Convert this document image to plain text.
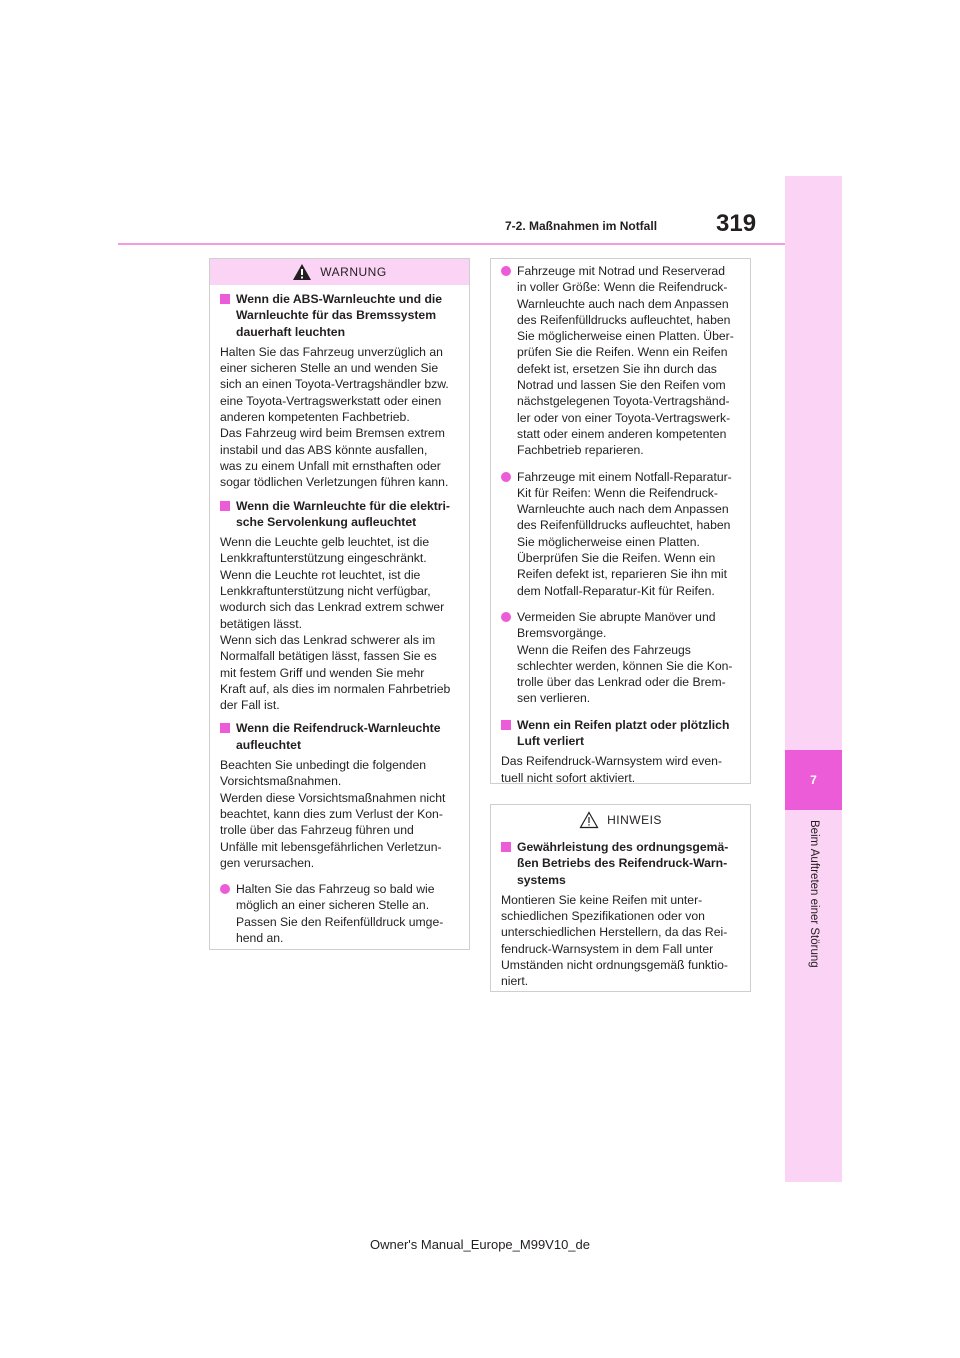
7
Beim Auftreten einer Störung
7-2. Maßnahmen im Notfall 319
WARNUNG
Wenn die ABS-Warnleuchte und die
Warnleuchte für das Bremssystem
dauerhaft leuchten
Halten Sie das Fahrzeug unverzüglich an
einer sicheren Stelle an und wenden Sie
sich an einen Toyota-Vertragshändler bzw.
eine Toyota-Vertragswerkstatt oder einen
anderen kompetenten Fachbetrieb.
Das Fahrzeug wird beim Bremsen extrem
instabil und das ABS könnte ausfallen,
was zu einem Unfall mit ernsthaften oder
sogar tödlichen Verletzungen führen kann.
Wenn die Warnleuchte für die elektri-
sche Servolenkung aufleuchtet
Wenn die Leuchte gelb leuchtet, ist die
Lenkkraftunterstützung eingeschränkt.
Wenn die Leuchte rot leuchtet, ist die
Lenkkraftunterstützung nicht verfügbar,
wodurch sich das Lenkrad extrem schwer
betätigen lässt.
Wenn sich das Lenkrad schwerer als im
Normalfall betätigen lässt, fassen Sie es
mit festem Griff und wenden Sie mehr
Kraft auf, als dies im normalen Fahrbetrieb
der Fall ist.
Wenn die Reifendruck-Warnleuchte
aufleuchtet
Beachten Sie unbedingt die folgenden
Vorsichtsmaßnahmen.
Werden diese Vorsichtsmaßnahmen nicht
beachtet, kann dies zum Verlust der Kon-
trolle über das Fahrzeug führen und
Unfälle mit lebensgefährlichen Verletzun-
gen verursachen.
Halten Sie das Fahrzeug so bald wie
möglich an einer sicheren Stelle an.
Passen Sie den Reifenfülldruck umge-
hend an.
Fahrzeuge mit Notrad und Reserverad
in voller Größe: Wenn die Reifendruck-
Warnleuchte auch nach dem Anpassen
des Reifenfülldrucks aufleuchtet, haben
Sie möglicherweise einen Platten. Über-
prüfen Sie die Reifen. Wenn ein Reifen
defekt ist, ersetzen Sie ihn durch das
Notrad und lassen Sie den Reifen vom
nächstgelegenen Toyota-Vertragshänd-
ler oder von einer Toyota-Vertragswerk-
statt oder einem anderen kompetenten
Fachbetrieb reparieren.
Fahrzeuge mit einem Notfall-Reparatur-
Kit für Reifen: Wenn die Reifendruck-
Warnleuchte auch nach dem Anpassen
des Reifenfülldrucks aufleuchtet, haben
Sie möglicherweise einen Platten.
Überprüfen Sie die Reifen. Wenn ein
Reifen defekt ist, reparieren Sie ihn mit
dem Notfall-Reparatur-Kit für Reifen.
Vermeiden Sie abrupte Manöver und
Bremsvorgänge.
Wenn die Reifen des Fahrzeugs
schlechter werden, können Sie die Kon-
trolle über das Lenkrad oder die Brem-
sen verlieren.
Wenn ein Reifen platzt oder plötzlich
Luft verliert
Das Reifendruck-Warnsystem wird even-
tuell nicht sofort aktiviert.
HINWEIS
Gewährleistung des ordnungsgemä-
ßen Betriebs des Reifendruck-Warn-
systems
Montieren Sie keine Reifen mit unter-
schiedlichen Spezifikationen oder von
unterschiedlichen Herstellern, da das Rei-
fendruck-Warnsystem in dem Fall unter
Umständen nicht ordnungsgemäß funktio-
niert.
Owner's Manual_Europe_M99V10_de
